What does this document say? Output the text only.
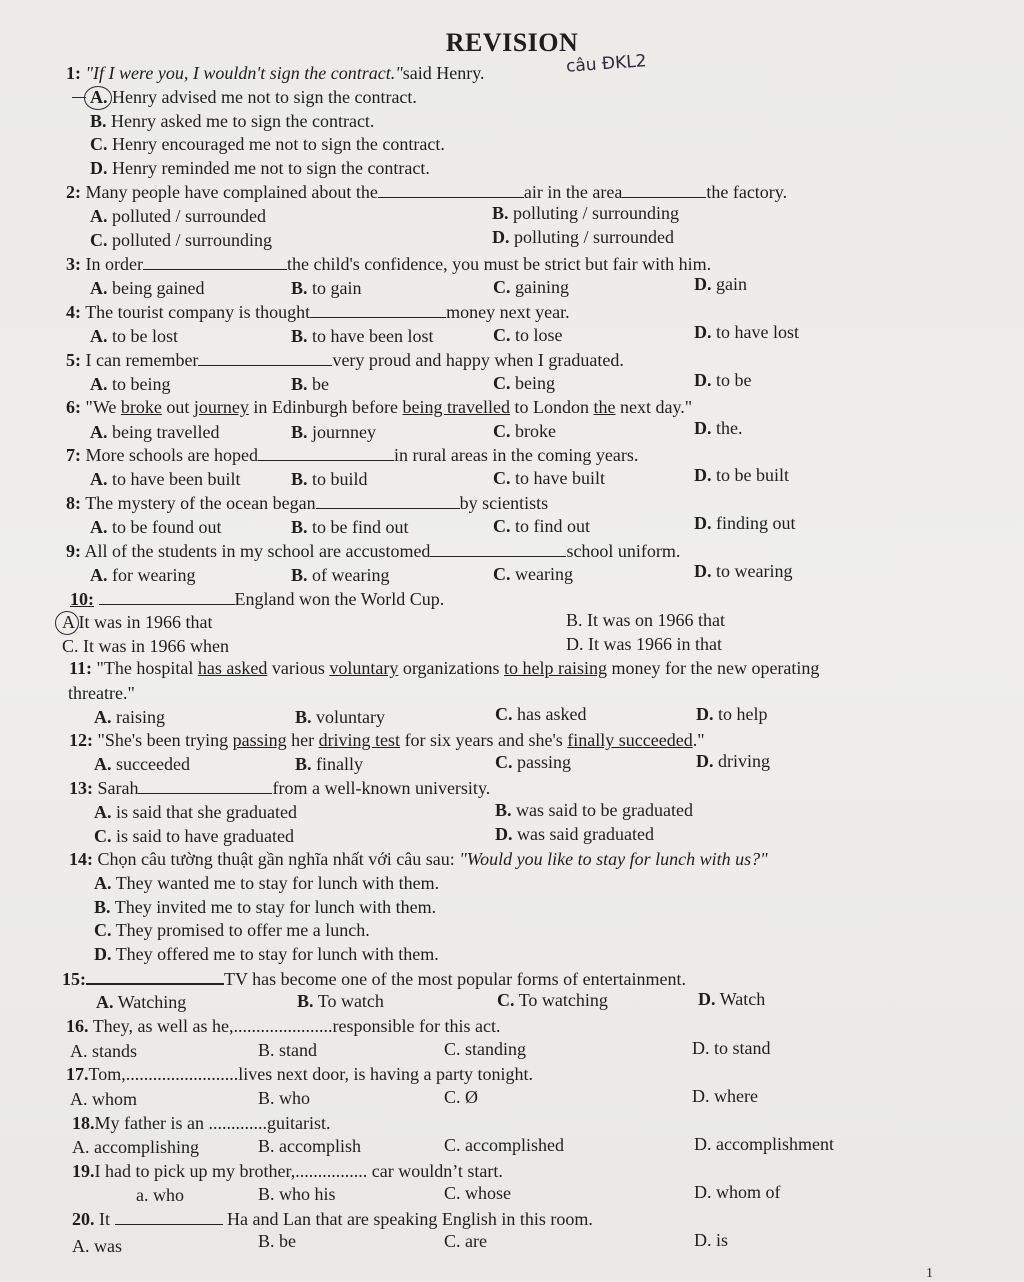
REVISION
câu ĐKL2
1: "If I were you, I wouldn't sign the contract."said Henry.
A. Henry advised me not to sign the contract.
B. Henry asked me to sign the contract.
C. Henry encouraged me not to sign the contract.
D. Henry reminded me not to sign the contract.
2: Many people have complained about the	air in the area	the factory.
A. polluted / surrounded	B. polluting / surrounding
C. polluted / surrounding	D. polluting / surrounded
3: In order	the child's confidence, you must be strict but fair with him.
A. being gained	B. to gain	C. gaining	D. gain
4: The tourist company is thought	money next year.
A. to be lost	B. to have been lost	C. to lose	D. to have lost
5: I can remember	very proud and happy when I graduated.
A. to being	B. be	C. being	D. to be
6: "We broke out journey in Edinburgh before being travelled to London the next day."
A. being travelled	B. journney	C. broke	D. the.
7: More schools are hoped	in rural areas in the coming years.
A. to have been built	B. to build	C. to have built	D. to be built
8: The mystery of the ocean began	by scientists
A. to be found out	B. to be find out	C. to find out	D. finding out
9: All of the students in my school are accustomed	school uniform.
A. for wearing	B. of wearing	C. wearing	D. to wearing
10:	England won the World Cup.
A It was in 1966 that	B. It was on 1966 that
C. It was in 1966 when	D. It was 1966 in that
11: "The hospital has asked various voluntary organizations to help raising money for the new operating
threatre."
A. raising	B. voluntary	C. has asked	D. to help
12: "She's been trying passing her driving test for six years and she's finally succeeded."
A. succeeded	B. finally	C. passing	D. driving
13: Sarah	from a well-known university.
A. is said that she graduated	B. was said to be graduated
C. is said to have graduated	D. was said graduated
14: Chọn câu tường thuật gần nghĩa nhất với câu sau: "Would you like to stay for lunch with us?"
A. They wanted me to stay for lunch with them.
B. They invited me to stay for lunch with them.
C. They promised to offer me a lunch.
D. They offered me to stay for lunch with them.
15:	TV has become one of the most popular forms of entertainment.
A. Watching	B. To watch	C. To watching	D. Watch
16. They, as well as he,......................responsible for this act.
A. stands	B. stand	C. standing	D. to stand
17.Tom,.........................lives next door, is having a party tonight.
A. whom	B. who	C. Ø	D. where
18.My father is an .............guitarist.
A. accomplishing	B. accomplish	C. accomplished	D. accomplishment
19.I had to pick up my brother,................ car wouldn’t start.
a. who	B. who his	C. whose	D. whom of
20. It	Ha and Lan that are speaking English in this room.
A. was	B. be	C. are	D. is
1
